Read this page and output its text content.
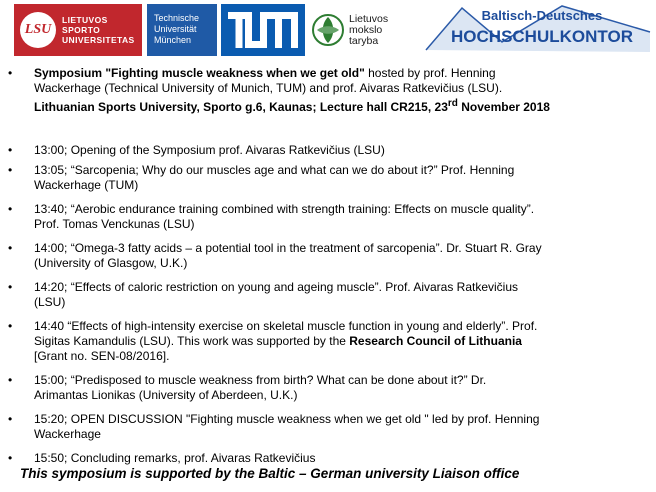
LSU
LIETUVOS
SPORTO
UNIVERSITETAS
Technische
Universität
München
Lietuvos
mokslo
taryba
Baltisch-Deutsches
HOCHSCHULKONTOR
• Symposium "Fighting muscle weakness when we get old" hosted by prof. Henning
Wackerhage (Technical University of Munich, TUM) and prof. Aivaras Ratkevičius (LSU).
Lithuanian Sports University, Sporto g.6, Kaunas; Lecture hall CR215, 23rd November 2018
• 13:00; Opening of the Symposium prof. Aivaras Ratkevičius (LSU)
• 13:05; “Sarcopenia; Why do our muscles age and what can we do about it?” Prof. Henning
Wackerhage (TUM)
• 13:40; “Aerobic endurance training combined with strength training: Effects on muscle quality”.
Prof. Tomas Venckunas (LSU)
• 14:00; “Omega-3 fatty acids – a potential tool in the treatment of sarcopenia”. Dr. Stuart R. Gray
(University of Glasgow, U.K.)
• 14:20; “Effects of caloric restriction on young and ageing muscle”. Prof. Aivaras Ratkevičius
(LSU)
• 14:40 “Effects of high-intensity exercise on skeletal muscle function in young and elderly”. Prof.
Sigitas Kamandulis (LSU). This work was supported by the Research Council of Lithuania
[Grant no. SEN-08/2016].
• 15:00; “Predisposed to muscle weakness from birth? What can be done about it?” Dr.
Arimantas Lionikas (University of Aberdeen, U.K.)
• 15:20; OPEN DISCUSSION "Fighting muscle weakness when we get old " led by prof. Henning
Wackerhage
• 15:50; Concluding remarks, prof. Aivaras Ratkevičius
This symposium is supported by the Baltic – German university Liaison office
